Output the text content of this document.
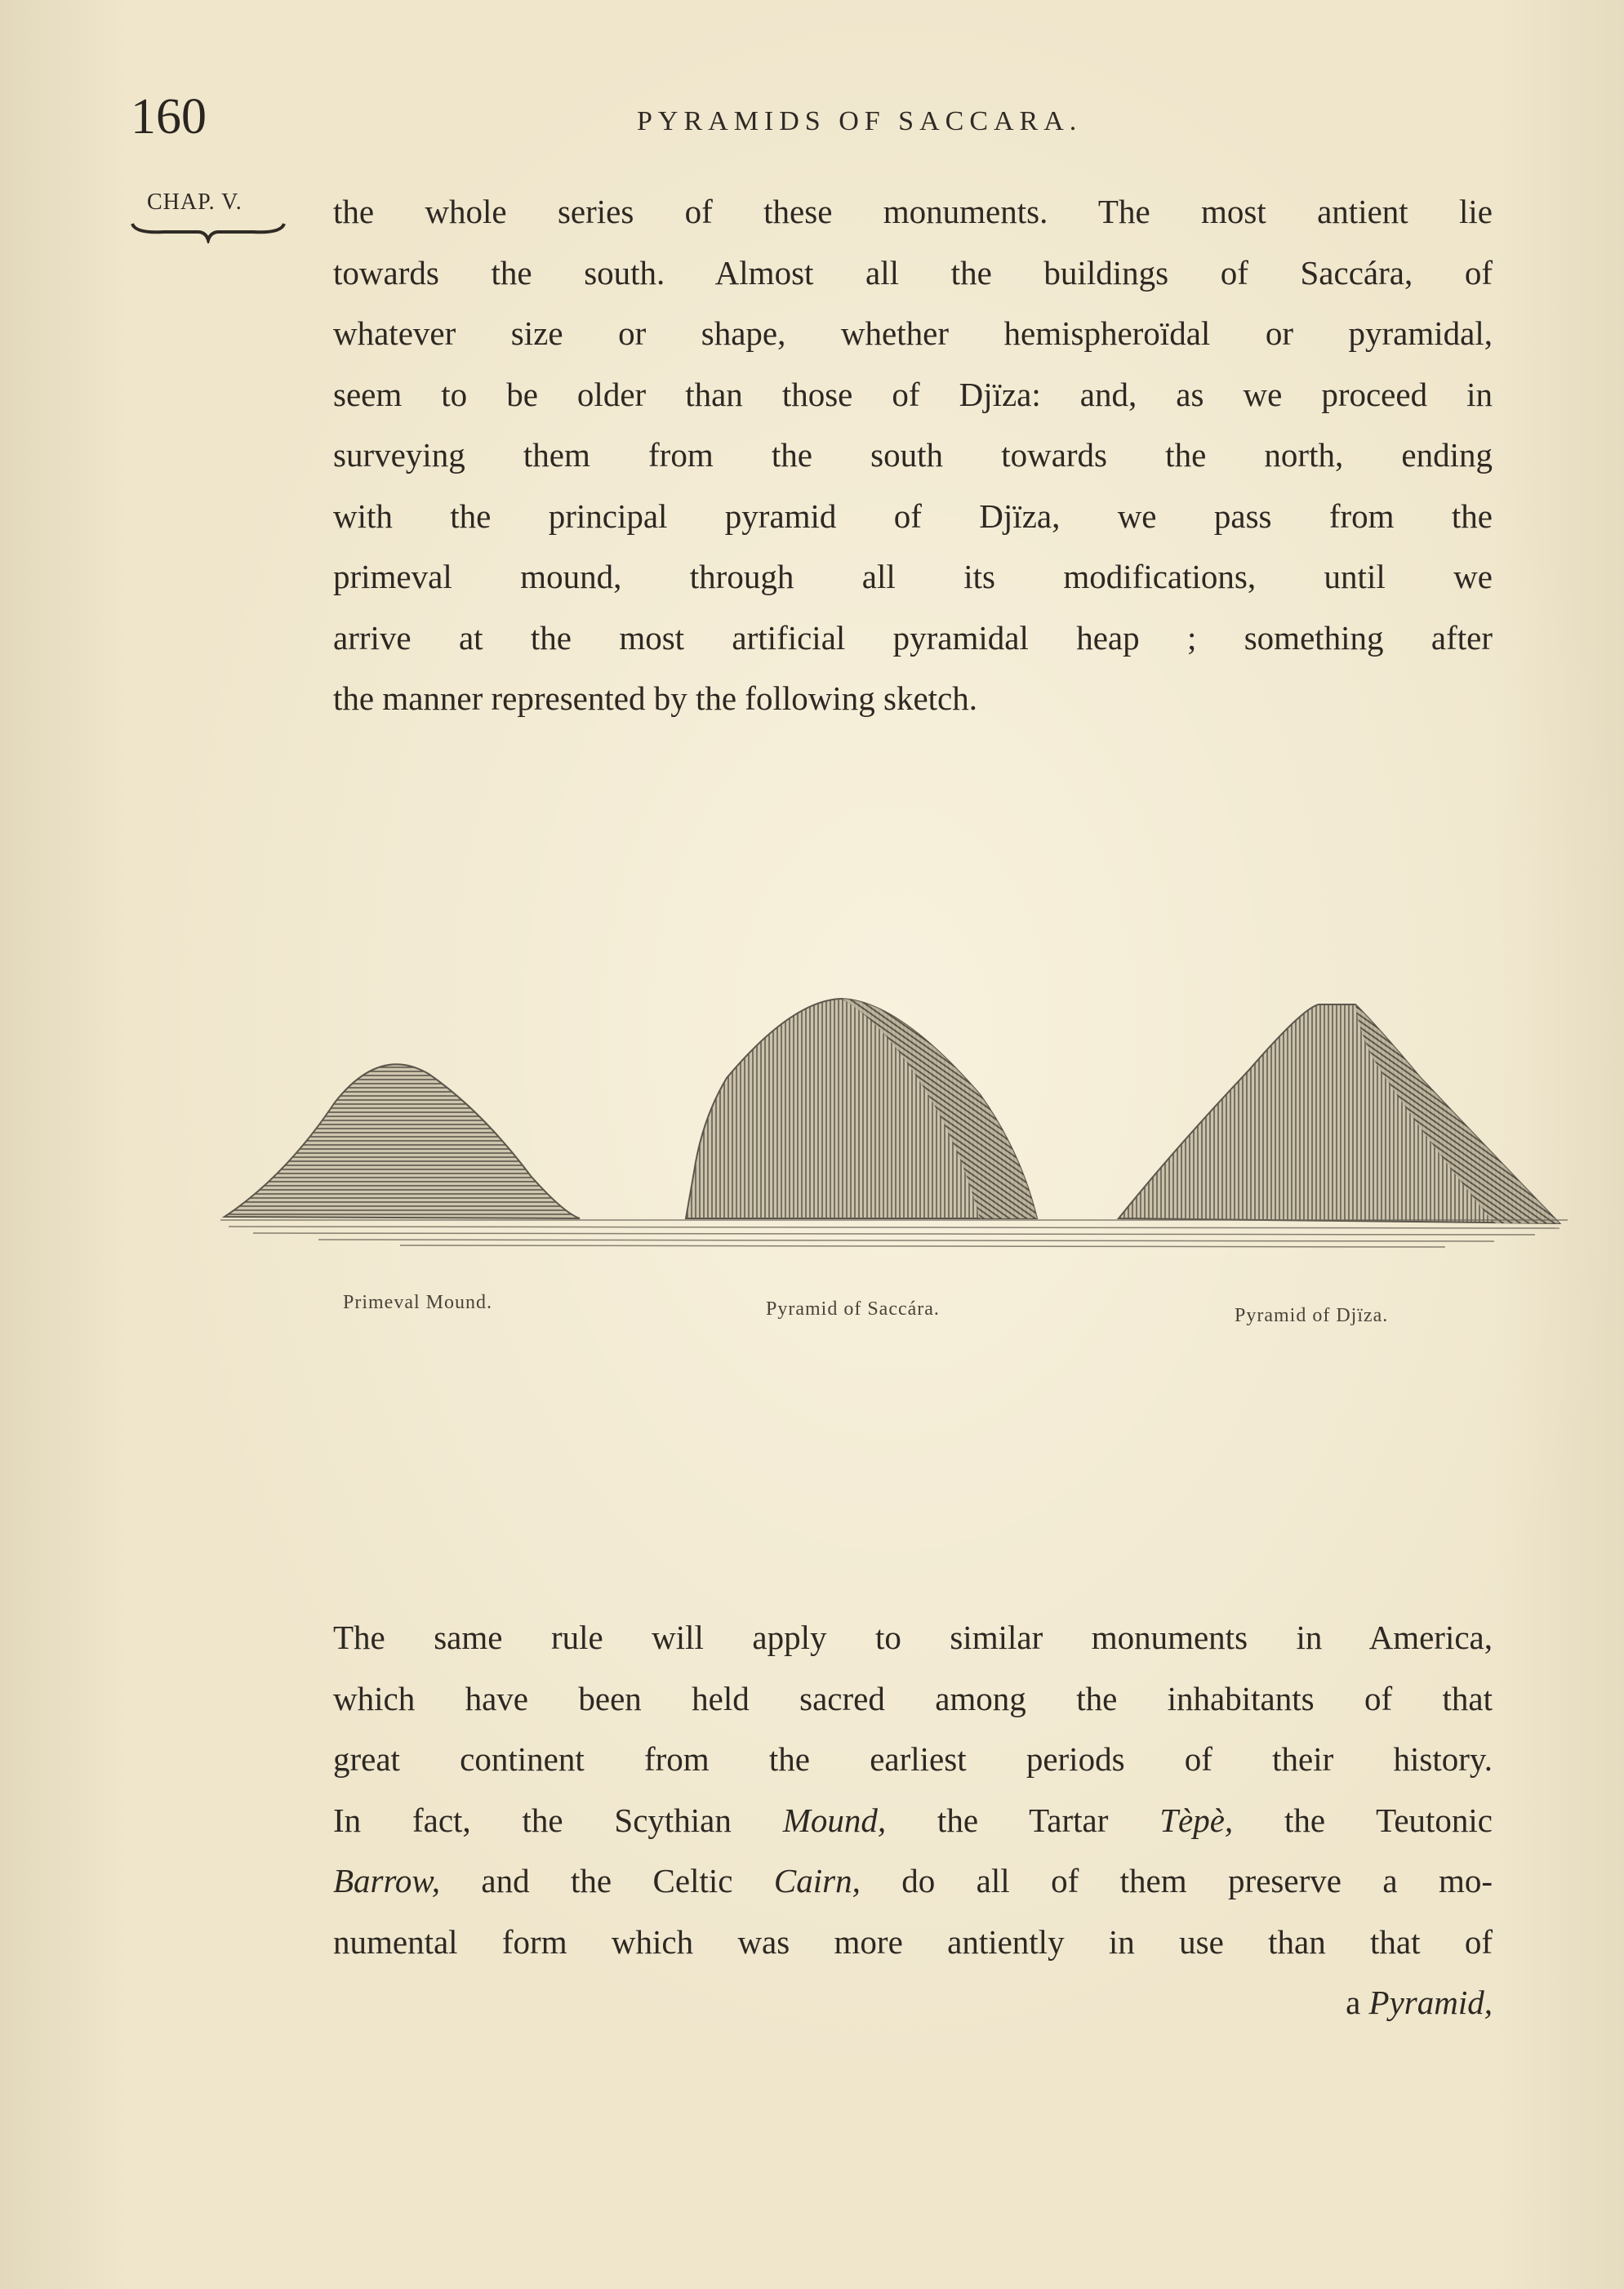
160	PYRAMIDS OF SACCARA.
CHAP. V.	the whole series of these monuments. The most antient lie
towards the south. Almost all the buildings of Saccára, of
whatever size or shape, whether hemispheroïdal or pyramidal,
seem to be older than those of Djïza: and, as we proceed in
surveying them from the south towards the north, ending
with the principal pyramid of Djïza, we pass from the
primeval mound, through all its modifications, until we
arrive at the most artificial pyramidal heap ; something after
the manner represented by the following sketch.
Primeval Mound.	Pyramid of Saccára.	Pyramid of Djïza.
The same rule will apply to similar monuments in America,
which have been held sacred among the inhabitants of that
great continent from the earliest periods of their history.
In fact, the Scythian Mound, the Tartar Tèpè, the Teutonic
Barrow, and the Celtic Cairn, do all of them preserve a mo-
numental form which was more antiently in use than that of
a Pyramid,
